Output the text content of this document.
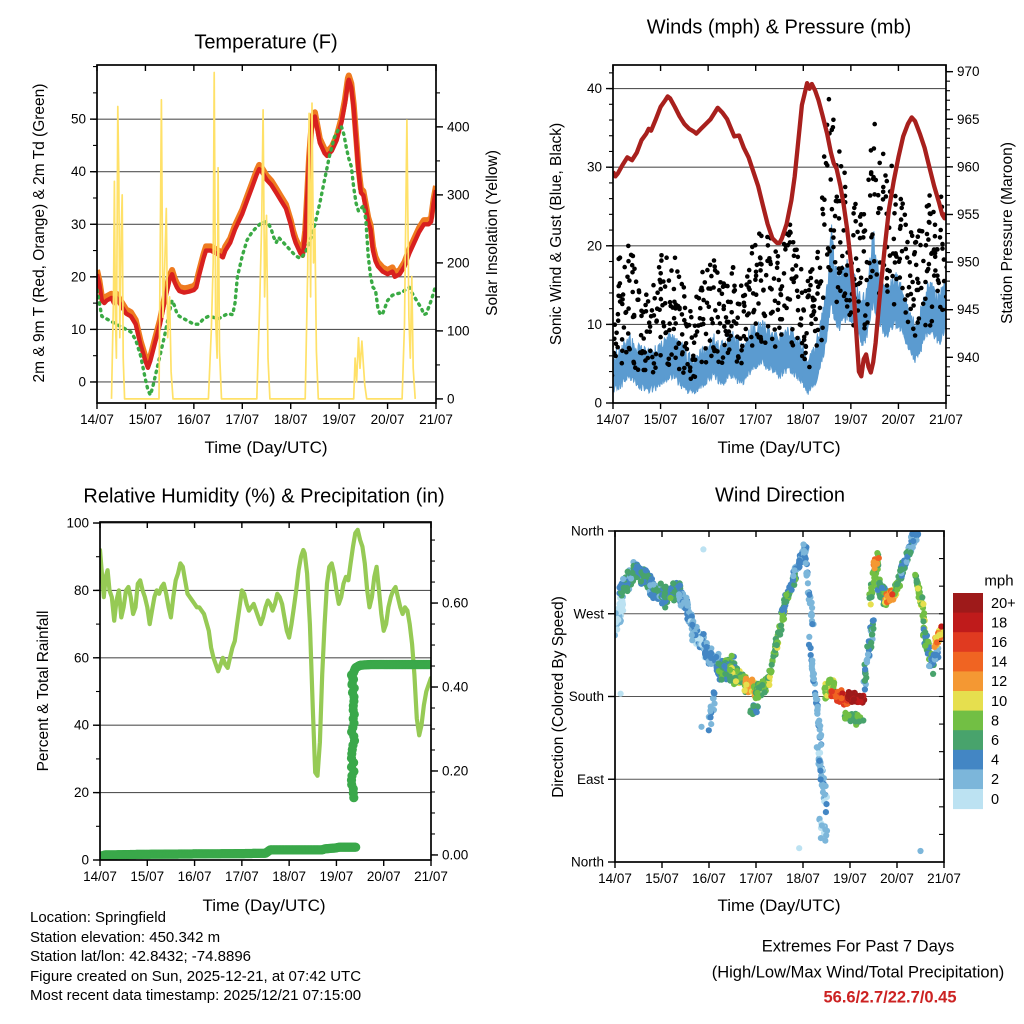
14/07 15/07 16/07 17/07 18/07 19/07 20/07 21/07
0
10
20
30
40
50
0
100
200
300
400
14/07 15/07 16/07 17/07 18/07 19/07 20/07 21/07
0
10
20
30
40
940
945
950
955
960
965
970
14/07 15/07 16/07 17/07 18/07 19/07 20/07 21/07
0
20
40
60
80
100
0.00
0.20
0.40
0.60	20+
18
16
14
12
10
8
6
4
2
0
14/07 15/07 16/07 17/07 18/07 19/07 20/07 21/07
North
West
South
East
North
Temperature (F)
Winds (mph) & Pressure (mb)
Relative Humidity (%) & Precipitation (in)	Wind Direction
Time (Day/UTC)	Time (Day/UTC)
Time (Day/UTC)	Time (Day/UTC)
2m & 9m T (Red, Orange) & 2m Td (Green)	Solar Insolation (Yellow)	Sonic Wind & Gust (Blue, Black)	Station Pressure (Maroon)
Percent & Total Rainfall	Direction (Colored By Speed)
mph
Location: Springfield
Station elevation: 450.342 m
Station lat/lon: 42.8432; -74.8896
Figure created on Sun, 2025-12-21, at 07:42 UTC
Most recent data timestamp: 2025/12/21 07:15:00
Extremes For Past 7 Days
(High/Low/Max Wind/Total Precipitation)
56.6/2.7/22.7/0.45
